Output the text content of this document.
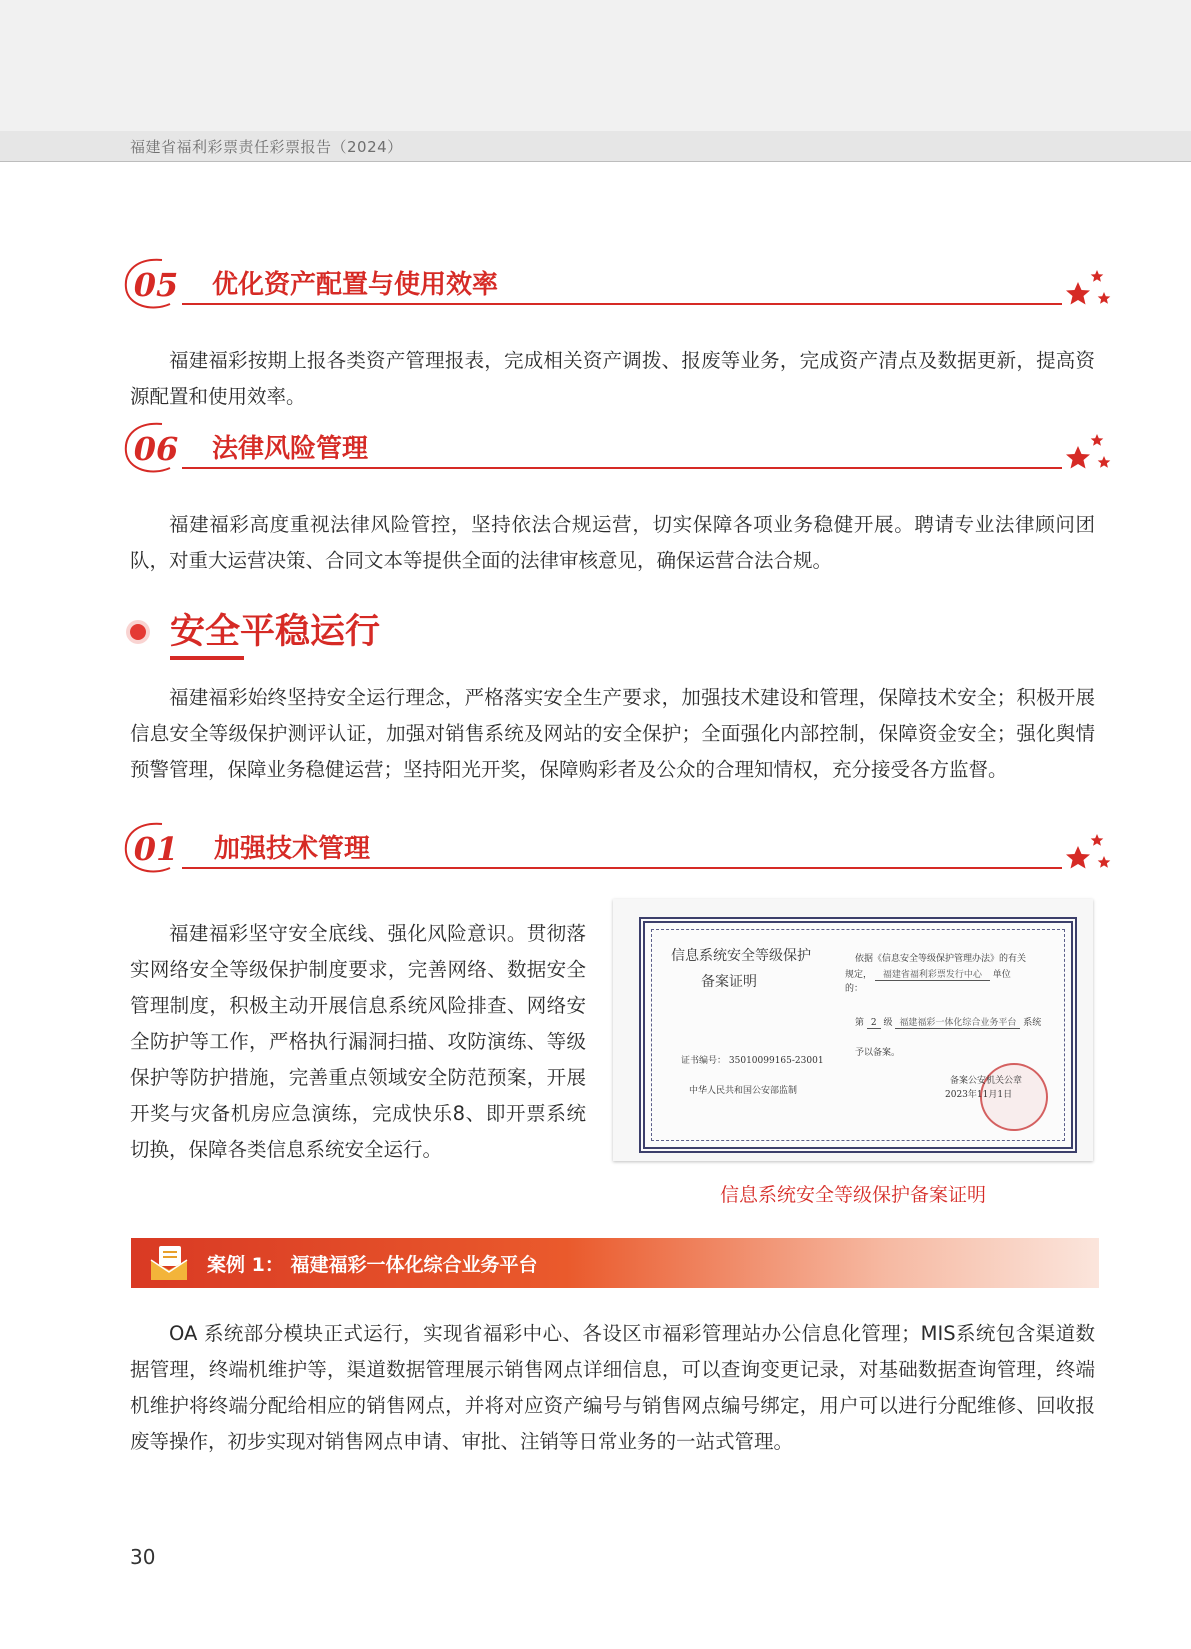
福建省福利彩票责任彩票报告（2024）
05 优化资产配置与使用效率

福建福彩按期上报各类资产管理报表，完成相关资产调拨、报废等业务，完成资产清点及数据更新，提高资源配置和使用效率。

06 法律风险管理

福建福彩高度重视法律风险管控，坚持依法合规运营，切实保障各项业务稳健开展。聘请专业法律顾问团队，对重大运营决策、合同文本等提供全面的法律审核意见，确保运营合法合规。

安全平稳运行

福建福彩始终坚持安全运行理念，严格落实安全生产要求，加强技术建设和管理，保障技术安全；积极开展信息安全等级保护测评认证，加强对销售系统及网站的安全保护；全面强化内部控制，保障资金安全；强化舆情预警管理，保障业务稳健运营；坚持阳光开奖，保障购彩者及公众的合理知情权，充分接受各方监督。

01 加强技术管理

福建福彩坚守安全底线、强化风险意识。贯彻落实网络安全等级保护制度要求，完善网络、数据安全管理制度，积极主动开展信息系统风险排查、网络安全防护等工作，严格执行漏洞扫描、攻防演练、等级保护等防护措施，完善重点领域安全防范预案，开展开奖与灾备机房应急演练，完成快乐8、即开票系统切换，保障各类信息系统安全运行。

信息系统安全等级保护
备案证明
依据《信息安全等级保护管理办法》的有关
规定， 福建省福利彩票发行中心 单位
的：
第 2 级 福建福彩一体化综合业务平台 系统
予以备案。
证书编号： 35010099165-23001
中华人民共和国公安部监制
备案公安机关公章
2023年11月1日
信息系统安全等级保护备案证明
案例 1： 福建福彩一体化综合业务平台

OA 系统部分模块正式运行，实现省福彩中心、各设区市福彩管理站办公信息化管理；MIS系统包含渠道数据管理，终端机维护等，渠道数据管理展示销售网点详细信息，可以查询变更记录，对基础数据查询管理，终端机维护将终端分配给相应的销售网点，并将对应资产编号与销售网点编号绑定，用户可以进行分配维修、回收报废等操作，初步实现对销售网点申请、审批、注销等日常业务的一站式管理。

30
